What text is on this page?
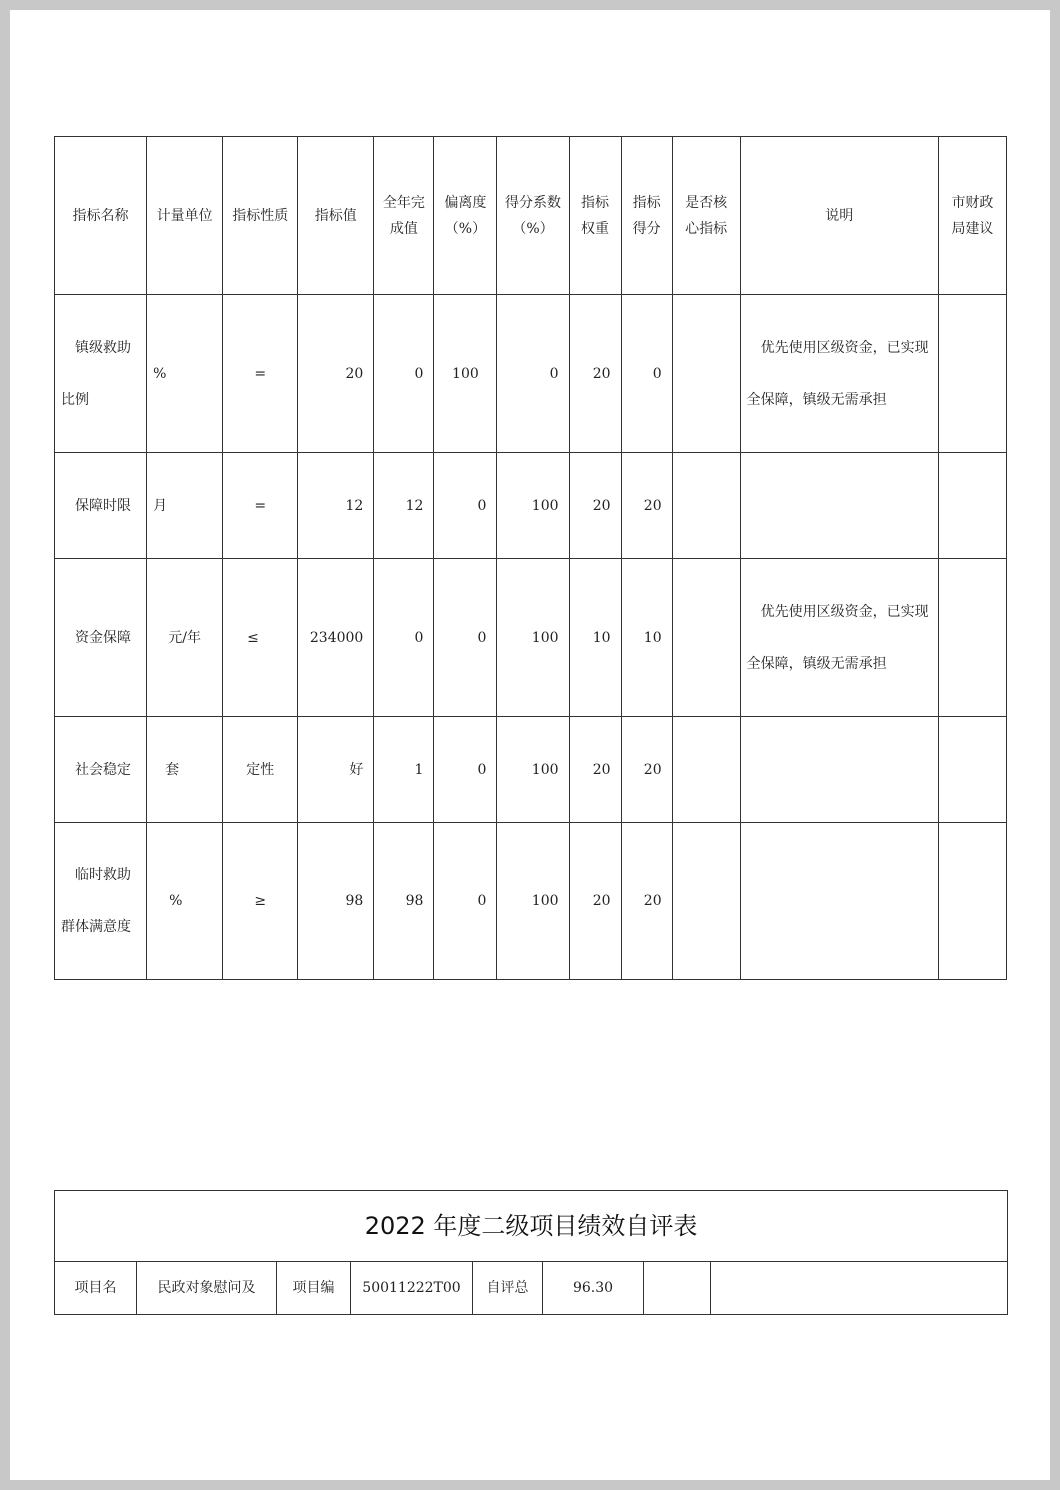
指标名称	计量单位	指标性质	指标值	全年完成值	偏离度（%）	得分系数（%）	指标权重	指标得分	是否核心指标	说明	市财政局建议
镇级救助比例	%	=	20	0	100	0	20	0		优先使用区级资金，已实现全保障，镇级无需承担	
保障时限	月	=	12	12	0	100	20	20			
资金保障	元/年	≤	234000	0	0	100	10	10		优先使用区级资金，已实现全保障，镇级无需承担	
社会稳定	套	定性	好	1	0	100	20	20			
临时救助群体满意度	%	≥	98	98	0	100	20	20			
2022 年度二级项目绩效自评表
项目名	民政对象慰问及	项目编	50011222T00	自评总	96.30		
